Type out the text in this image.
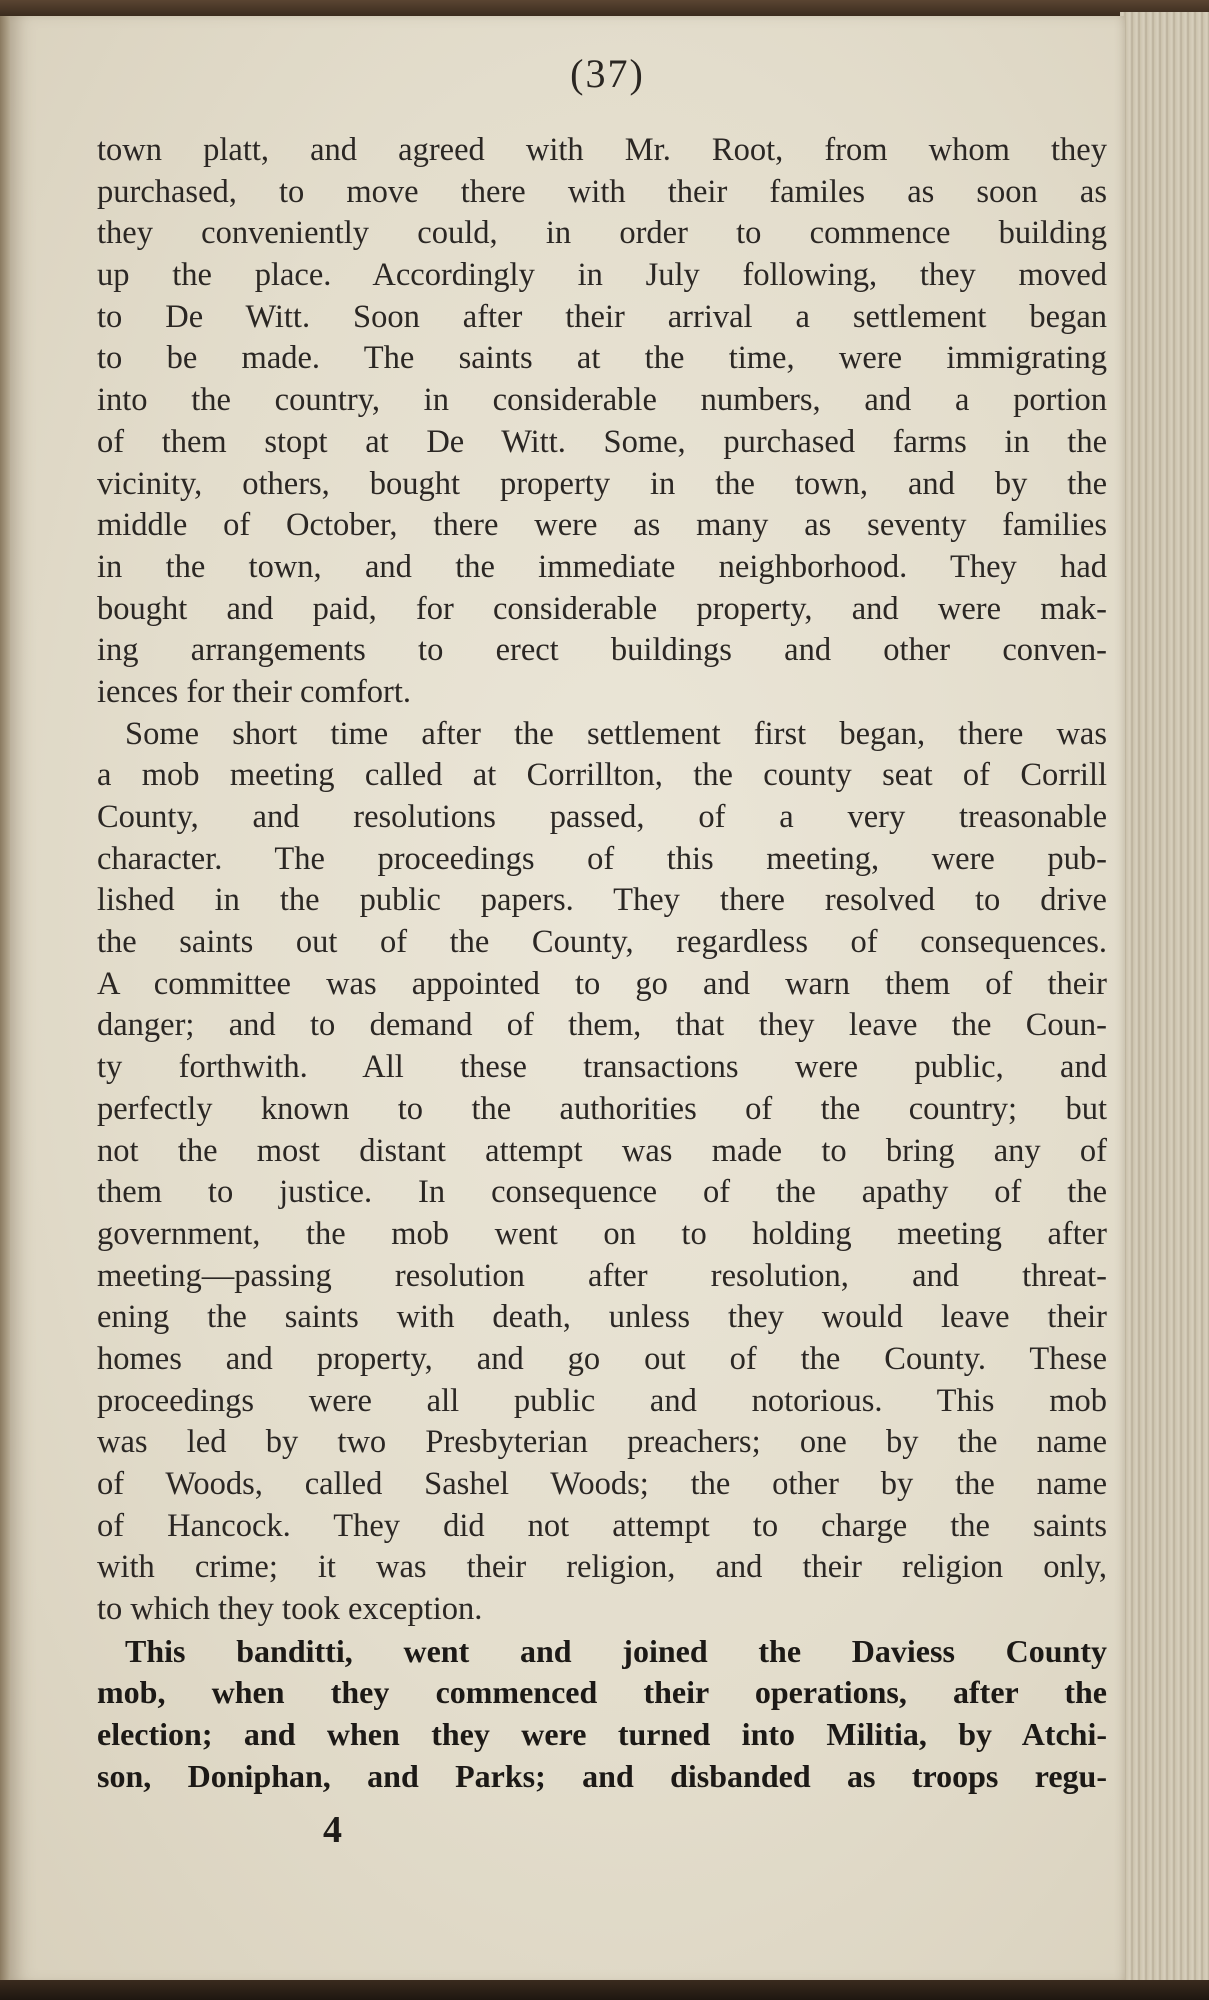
(37)
town platt, and agreed with Mr. Root, from whom they
purchased, to move there with their familes as soon as
they conveniently could, in order to commence building
up the place. Accordingly in July following, they moved
to De Witt. Soon after their arrival a settlement began
to be made. The saints at the time, were immigrating
into the country, in considerable numbers, and a portion
of them stopt at De Witt. Some, purchased farms in the
vicinity, others, bought property in the town, and by the
middle of October, there were as many as seventy families
in the town, and the immediate neighborhood. They had
bought and paid, for considerable property, and were mak-
ing arrangements to erect buildings and other conven-
iences for their comfort.
Some short time after the settlement first began, there was
a mob meeting called at Corrillton, the county seat of Corrill
County, and resolutions passed, of a very treasonable
character. The proceedings of this meeting, were pub-
lished in the public papers. They there resolved to drive
the saints out of the County, regardless of consequences.
A committee was appointed to go and warn them of their
danger; and to demand of them, that they leave the Coun-
ty forthwith. All these transactions were public, and
perfectly known to the authorities of the country; but
not the most distant attempt was made to bring any of
them to justice. In consequence of the apathy of the
government, the mob went on to holding meeting after
meeting—passing resolution after resolution, and threat-
ening the saints with death, unless they would leave their
homes and property, and go out of the County. These
proceedings were all public and notorious. This mob
was led by two Presbyterian preachers; one by the name
of Woods, called Sashel Woods; the other by the name
of Hancock. They did not attempt to charge the saints
with crime; it was their religion, and their religion only,
to which they took exception.
This banditti, went and joined the Daviess County
mob, when they commenced their operations, after the
election; and when they were turned into Militia, by Atchi-
son, Doniphan, and Parks; and disbanded as troops regu-
4
